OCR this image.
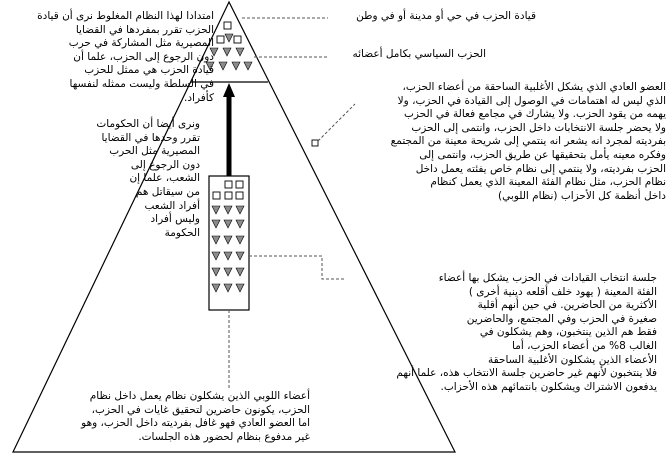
قيادة الحزب في حي أو مدينة أو في وطن
الحزب السياسي بكامل أعضائه
العضو العادي الذي يشكل الأغلبية الساحقة من أعضاء الحزب،
الذي ليس له اهتمامات في الوصول إلى القيادة في الحزب، ولا
يهمه من يقود الحزب. ولا يشارك في مجامع فعالة في الحزب
ولا يحضر جلسة الانتخابات داخل الحزب، وانتمى إلى الحزب
بفرديته لمجرد انه يشعر انه ينتمي إلى شريحة معينة من المجتمع
وفكره معينه يأمل بتحقيقها عن طريق الحزب، وانتمى إلى
الحزب بفرديته، ولا ينتمي إلى نظام خاص يفئته يعمل داخل
نظام الحزب، مثل نظام الفئة المعينة الذي يعمل كنظام
داخل أنظمة كل الأحزاب (نظام اللوبي)
جلسة انتخاب القيادات في الحزب يشكل بها أعضاء
الفئة المعينة ( يهود خلف أقلعه دينية أخرى )
الأكثرية من الحاضرين. في حين أنهم أقلية
صغيرة في الحزب وفي المجتمع، والحاضرين
فقط هم الذين ينتخبون، وهم يشكلون في
الغالب 8% من أعضاء الحزب، أما
الأعضاء الذين يشكلون الأغلبية الساحقة
فلا ينتخبون لأنهم غير حاضرين جلسة الانتخاب هذه، علما أنهم
يدفعون الاشتراك ويشكلون بانتمائهم هذه الأحزاب.
أعضاء اللوبي الذين يشكلون نظام يعمل داخل نظام
الحزب، يكونون حاضرين لتحقيق غايات في الحزب،
اما العضو العادي فهو غافل بفرديته داخل الحزب، وهو
غير مدفوع بنظام لحضور هذه الجلسات.
امتدادا لهذا النظام المغلوط نرى أن قيادة
الحزب تقرر بمفردها في القضايا
المصيرية مثل المشاركة في حرب
دون الرجوع إلى الحزب، علما أن
قيادة الحزب هي ممثل للحزب
في السلطة وليست ممثله لنفسها
كأفراد.
ونرى أيضا أن الحكومات
تقرر وحدها في القضايا
المصيرية مثل الحرب
دون الرجوع إلى
الشعب، علما إن
من سيقاتل هم
أفراد الشعب
وليس أفراد
الحكومة
